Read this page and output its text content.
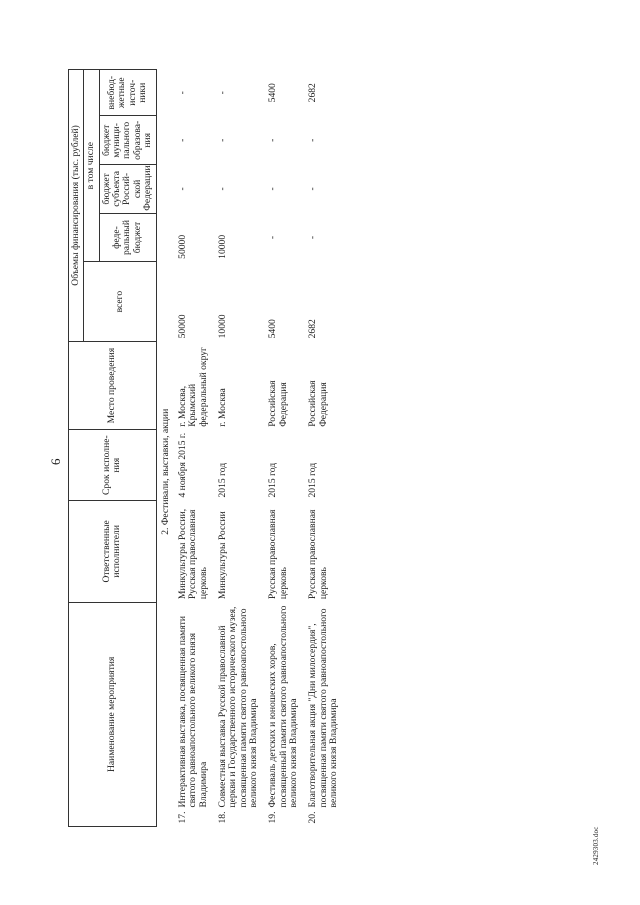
6
Наименование мероприятия	Ответственные исполнители	Срок исполне-ния	Место проведения	Объемы финансирования (тыс. рублей)				
				всего	в том числе			
					феде-ральный бюджет	бюджет субъекта Россий-ской Федерации	бюджет муници-пального образова-ния	внебюд-жетные источ-ники
	2. Фестивали, выставки, акции							

17.
Интерактивная выставка, посвященная памяти святого равноапостольного великого князя Владимира	Минкультуры России, Русская православная церковь	4 ноября 2015 г.	г. Москва, Крымский федеральный округ	50000	50000	-	-	-

18.
Совместная выставка Русской православной церкви и Государственного исторического музея, посвященная памяти святого равноапостольного великого князя Владимира	Минкультуры России	2015 год	г. Москва	10000	10000	-	-	-

19.
Фестиваль детских и юношеских хоров, посвященный памяти святого равноапостольного великого князя Владимира	Русская православная церковь	2015 год	Российская Федерация	5400	-	-	-	5400

20.
Благотворительная акция "Дни милосердия", посвященная памяти святого равноапостольного великого князя Владимира	Русская православная церковь	2015 год	Российская Федерация	2682	-	-	-	2682
2429303.doc
